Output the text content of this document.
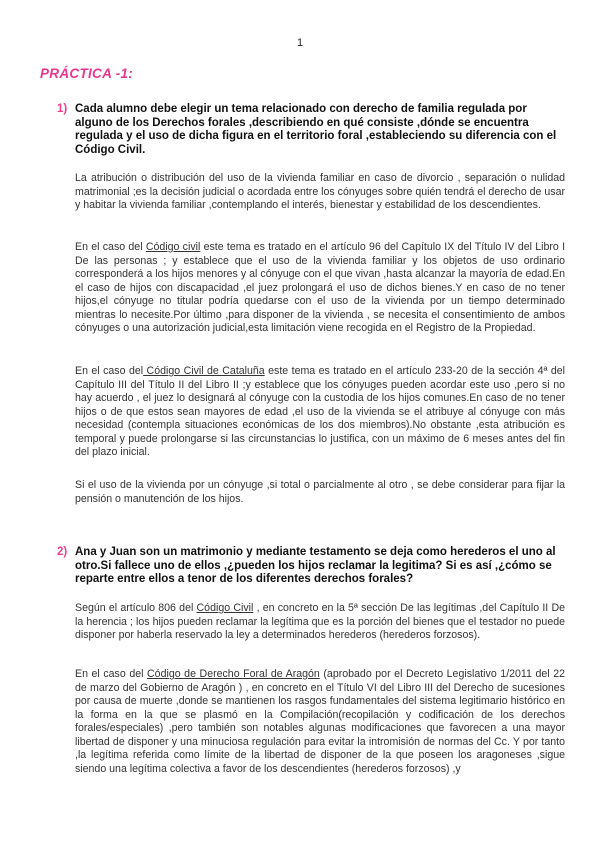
1
PRÁCTICA -1:
1) Cada alumno debe elegir un tema relacionado con derecho de familia regulada por alguno de los Derechos forales ,describiendo en qué consiste ,dónde se encuentra regulada y el uso de dicha figura en el territorio foral ,estableciendo su diferencia con el Código Civil.
La atribución o distribución del uso de la vivienda familiar en caso de divorcio , separación o nulidad matrimonial ;es la decisión judicial o acordada entre los cónyuges sobre quién tendrá el derecho de usar y habitar la vivienda familiar ,contemplando el interés, bienestar y estabilidad de los descendientes.
En el caso del Código civil este tema es tratado en el artículo 96 del Capítulo IX del Título IV del Libro I De las personas ; y establece que el uso de la vivienda familiar y los objetos de uso ordinario corresponderá a los hijos menores y al cónyuge con el que vivan ,hasta alcanzar la mayoría de edad.En el caso de hijos con discapacidad ,el juez prolongará el uso de dichos bienes.Y en caso de no tener hijos,el cónyuge no titular podría quedarse con el uso de la vivienda por un tiempo determinado mientras lo necesite.Por último ,para disponer de la vivienda , se necesita el consentimiento de ambos cónyuges o una autorización judicial,esta limitación viene recogida en el Registro de la Propiedad.
En el caso del Código Civil de Cataluña este tema es tratado en el artículo 233-20 de la sección 4ª del Capítulo III del Título II del Libro II ;y establece que los cónyuges pueden acordar este uso ,pero si no hay acuerdo , el juez lo designará al cónyuge con la custodia de los hijos comunes.En caso de no tener hijos o de que estos sean mayores de edad ,el uso de la vivienda se el atribuye al cónyuge con más necesidad (contempla situaciones económicas de los dos miembros).No obstante ,esta atribución es temporal y puede prolongarse si las circunstancias lo justifica, con un máximo de 6 meses antes del fin del plazo inicial.
Si el uso de la vivienda por un cónyuge ,si total o parcialmente al otro , se debe considerar para fijar la pensión o manutención de los hijos.
2) Ana y Juan son un matrimonio y mediante testamento se deja como herederos el uno al otro.Si fallece uno de ellos ,¿pueden los hijos reclamar la legitima? Si es así ,¿cómo se reparte entre ellos a tenor de los diferentes derechos forales?
Según el artículo 806 del Código Civil , en concreto en la 5ª sección De las legítimas ,del Capítulo II De la herencia ; los hijos pueden reclamar la legítima que es la porción del bienes que el testador no puede disponer por haberla reservado la ley a determinados herederos (herederos forzosos).
En el caso del Código de Derecho Foral de Aragón (aprobado por el Decreto Legislativo 1/2011 del 22 de marzo del Gobierno de Aragón ) , en concreto en el Título VI del Libro III del Derecho de sucesiones por causa de muerte ,donde se mantienen los rasgos fundamentales del sistema legitimario histórico en la forma en la que se plasmó en la Compilación(recopilación y codificación de los derechos forales/especiales) ,pero también son notables algunas modificaciones que favorecen a una mayor libertad de disponer y una minuciosa regulación para evitar la intromisión de normas del Cc. Y por tanto ,la legítima referida como límite de la libertad de disponer de la que poseen los aragoneses ,sigue siendo una legítima colectiva a favor de los descendientes (herederos forzosos) ,y
